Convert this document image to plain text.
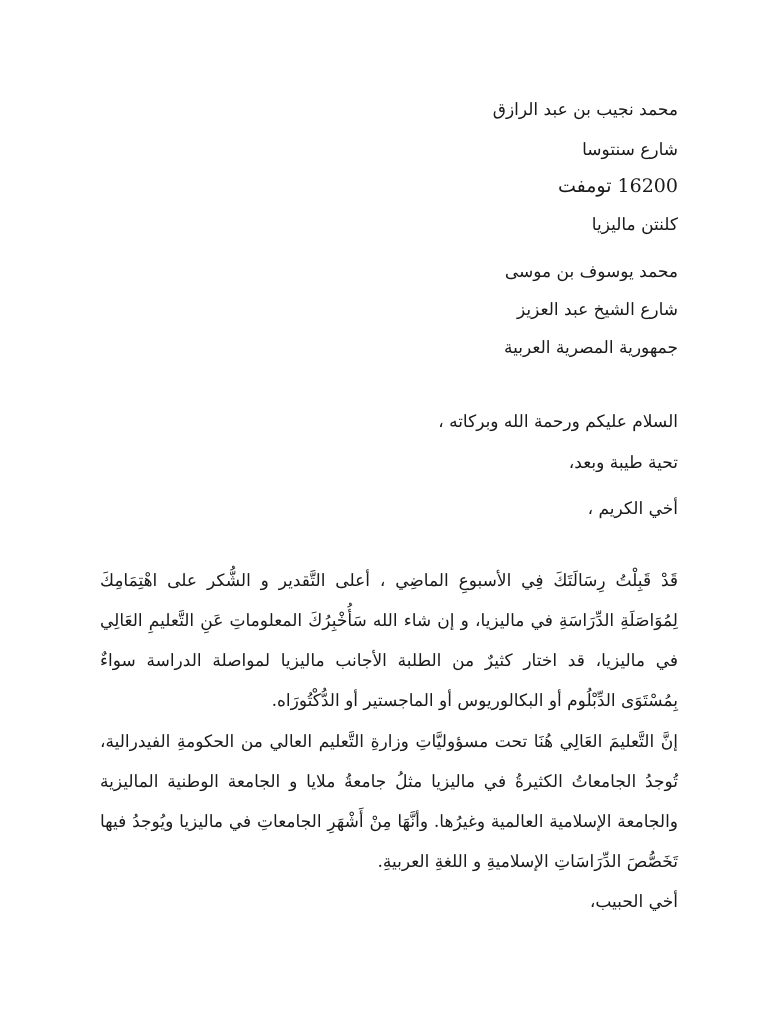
محمد نجيب بن عبد الرازق
شارع سنتوسا
16200 تومفت
كلنتن ماليزيا
محمد يوسوف بن موسى
شارع الشيخ عبد العزيز
جمهورية المصرية العربية
السلام عليكم ورحمة الله وبركاته ،
تحية طيبة وبعد،
أخي الكريم ،
قَدْ قَبِلْتُ رِسَالَتَكَ فِي الأسبوعِ الماضِي ، أعلى التَّقدير و الشُّكر على اهْتِمَامِكَ لِمُوَاصَلَةِ الدِّرَاسَةِ في ماليزيا، و إن شاء الله سَأُخْبِرُكَ المعلوماتِ عَنِ التَّعليمِ العَالِي في ماليزيا، قد اختار كثيرٌ من الطلبة الأجانب ماليزيا لمواصلة الدراسة سواءٌ بِمُسْتَوَى الدِّبْلُوم أو البكالوريوس أو الماجستير أو الدُّكْتُورَاه.
إنَّ التَّعليمَ العَالِي هُنَا تحت مسؤوليَّاتِ وزارةِ التَّعليم العالي من الحكومةِ الفيدرالية، تُوجدُ الجامعاتُ الكثيرةُ في ماليزيا مثلُ جامعةُ ملايا و الجامعة الوطنية الماليزية والجامعة الإسلامية العالمية وغيرُها. وأنَّهَا مِنْ أَشْهَرِ الجامعاتِ في ماليزيا ويُوجدُ فيها تَخَصُّصَ الدِّرَاسَاتِ الإسلاميةِ و اللغةِ العربيةِ.
أخي الحبيب،
